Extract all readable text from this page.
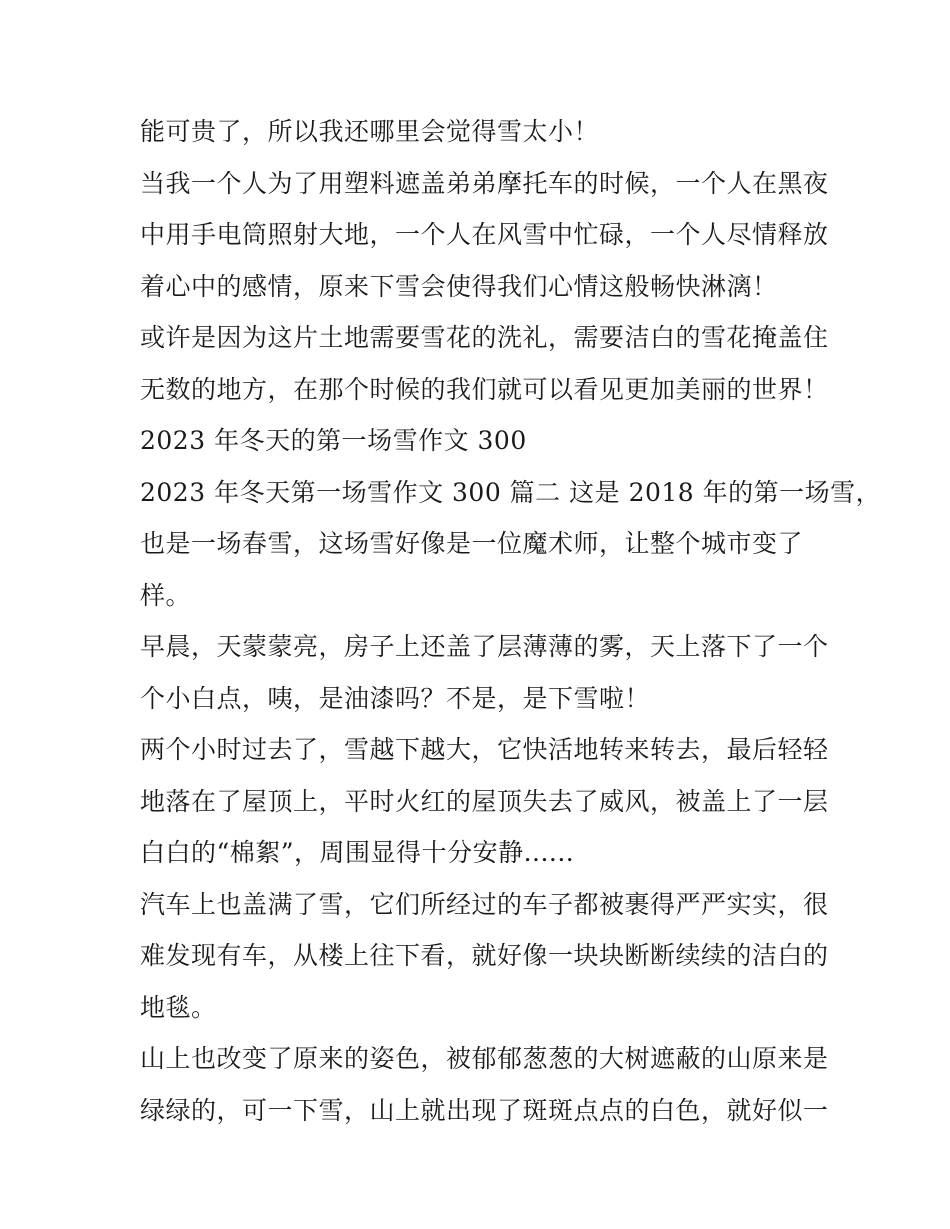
能可贵了，所以我还哪里会觉得雪太小！
当我一个人为了用塑料遮盖弟弟摩托车的时候，一个人在黑夜
中用手电筒照射大地，一个人在风雪中忙碌，一个人尽情释放
着心中的感情，原来下雪会使得我们心情这般畅快淋漓！
或许是因为这片土地需要雪花的洗礼，需要洁白的雪花掩盖住
无数的地方，在那个时候的我们就可以看见更加美丽的世界！
2023 年冬天的第一场雪作文 300
2023 年冬天第一场雪作文 300 篇二 这是 2018 年的第一场雪，
也是一场春雪，这场雪好像是一位魔术师，让整个城市变了
样。
早晨，天蒙蒙亮，房子上还盖了层薄薄的雾，天上落下了一个
个小白点，咦，是油漆吗？不是，是下雪啦！
两个小时过去了，雪越下越大，它快活地转来转去，最后轻轻
地落在了屋顶上，平时火红的屋顶失去了威风，被盖上了一层
白白的“棉絮”，周围显得十分安静......
汽车上也盖满了雪，它们所经过的车子都被裹得严严实实，很
难发现有车，从楼上往下看，就好像一块块断断续续的洁白的
地毯。
山上也改变了原来的姿色，被郁郁葱葱的大树遮蔽的山原来是
绿绿的，可一下雪，山上就出现了斑斑点点的白色，就好似一
